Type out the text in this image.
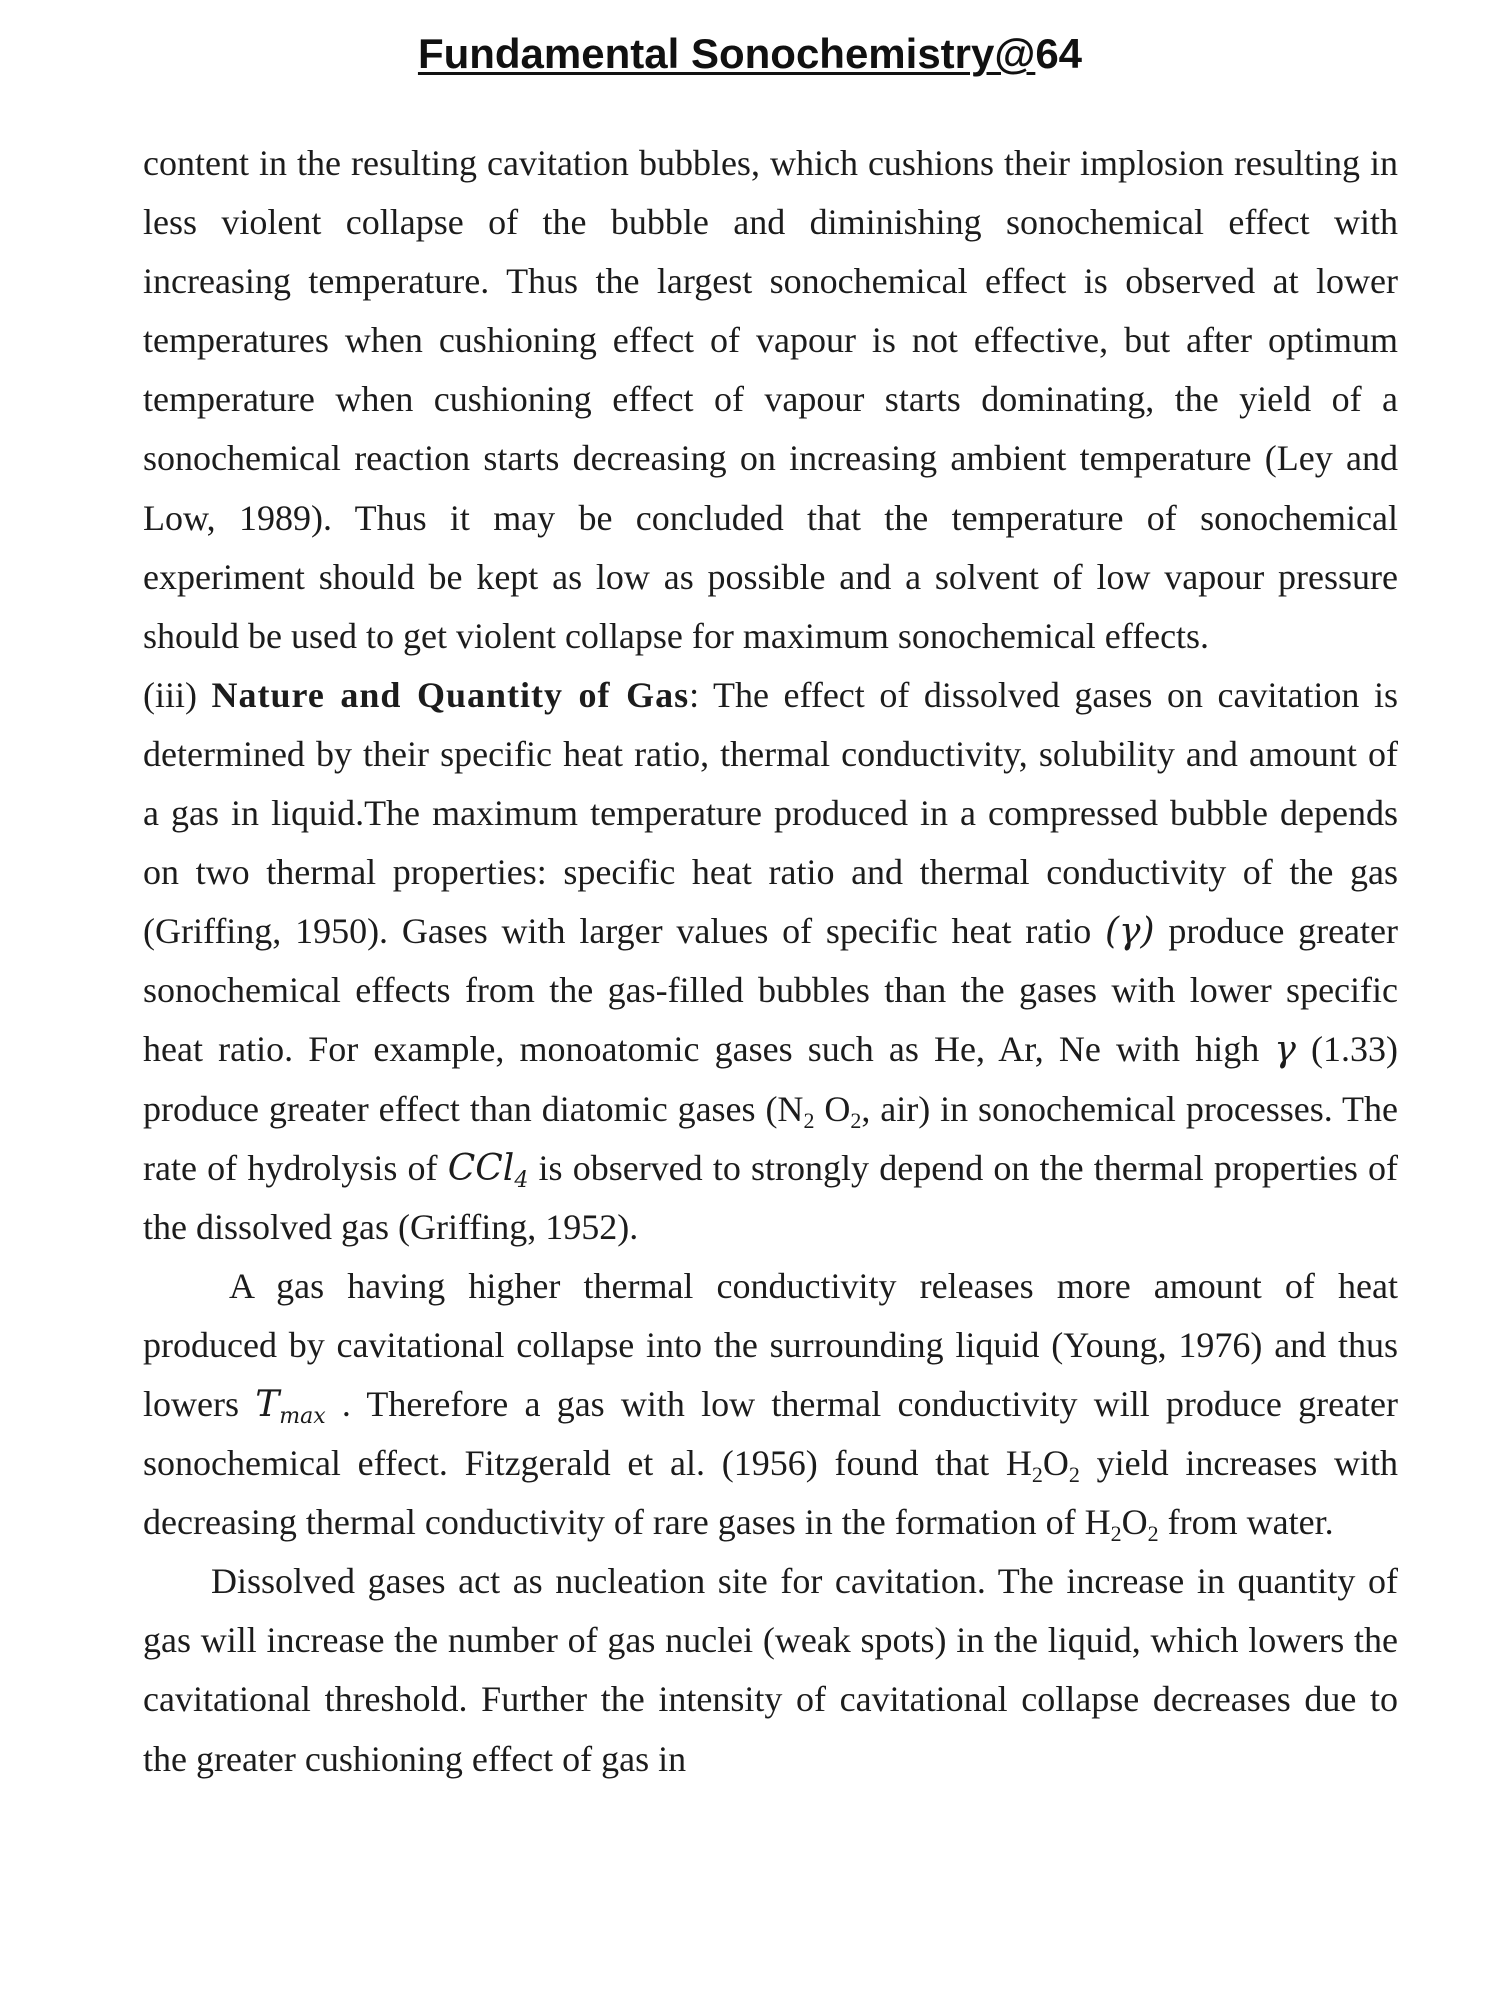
Fundamental Sonochemistry@64

content in the resulting cavitation bubbles, which cushions their implosion resulting in less violent collapse of the bubble and diminishing sonochemical effect with increasing temperature. Thus the largest sonochemical effect is observed at lower temperatures when cushioning effect of vapour is not effective, but after optimum temperature when cushioning effect of vapour starts dominating, the yield of a sonochemical reaction starts decreasing on increasing ambient temperature (Ley and Low, 1989). Thus it may be concluded that the temperature of sonochemical experiment should be kept as low as possible and a solvent of low vapour pressure should be used to get violent collapse for maximum sonochemical effects.

(iii) Nature and Quantity of Gas: The effect of dissolved gases on cavitation is determined by their specific heat ratio, thermal conductivity, solubility and amount of a gas in liquid.The maximum temperature produced in a compressed bubble depends on two thermal properties: specific heat ratio and thermal conductivity of the gas (Griffing, 1950). Gases with larger values of specific heat ratio (γ) produce greater sonochemical effects from the gas-filled bubbles than the gases with lower specific heat ratio. For example, monoatomic gases such as He, Ar, Ne with high γ (1.33) produce greater effect than diatomic gases ($N_2$ $O_2$, air) in sonochemical processes. The rate of hydrolysis of CCl$_4$ is observed to strongly depend on the thermal properties of the dissolved gas (Griffing, 1952).

A gas having higher thermal conductivity releases more amount of heat produced by cavitational collapse into the surrounding liquid (Young, 1976) and thus lowers $T_{max}$ . Therefore a gas with low thermal conductivity will produce greater sonochemical effect. Fitzgerald et al. (1956) found that $H_2O_2$ yield increases with decreasing thermal conductivity of rare gases in the formation of $H_2O_2$ from water.

Dissolved gases act as nucleation site for cavitation. The increase in quantity of gas will increase the number of gas nuclei (weak spots) in the liquid, which lowers the cavitational threshold. Further the intensity of cavitational collapse decreases due to the greater cushioning effect of gas in
